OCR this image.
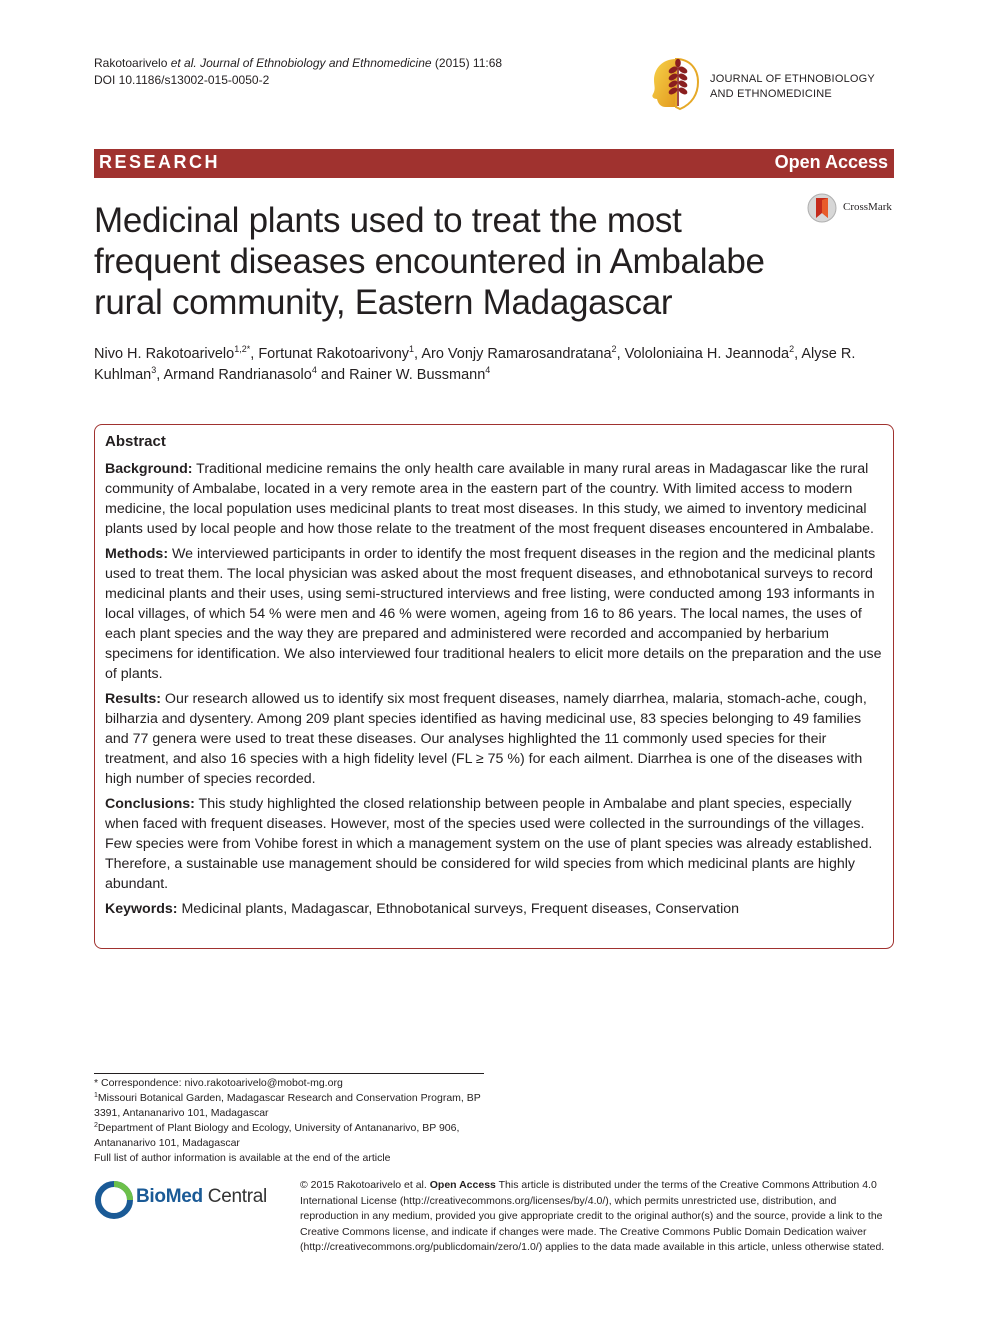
Rakotoarivelo et al. Journal of Ethnobiology and Ethnomedicine (2015) 11:68
DOI 10.1186/s13002-015-0050-2	JOURNAL OF ETHNOBIOLOGY
AND ETHNOMEDICINE
RESEARCH	Open Access
CrossMark
Medicinal plants used to treat the most frequent diseases encountered in Ambalabe rural community, Eastern Madagascar
Nivo H. Rakotoarivelo$^{1,2*}$, Fortunat Rakotoarivony$^1$, Aro Vonjy Ramarosandratana$^2$, Vololoniaina H. Jeannoda$^2$, Alyse R. Kuhlman$^3$, Armand Randrianasolo$^4$ and Rainer W. Bussmann$^4$
Abstract

Background: Traditional medicine remains the only health care available in many rural areas in Madagascar like the rural community of Ambalabe, located in a very remote area in the eastern part of the country. With limited access to modern medicine, the local population uses medicinal plants to treat most diseases. In this study, we aimed to inventory medicinal plants used by local people and how those relate to the treatment of the most frequent diseases encountered in Ambalabe.

Methods: We interviewed participants in order to identify the most frequent diseases in the region and the medicinal plants used to treat them. The local physician was asked about the most frequent diseases, and ethnobotanical surveys to record medicinal plants and their uses, using semi-structured interviews and free listing, were conducted among 193 informants in local villages, of which 54 % were men and 46 % were women, ageing from 16 to 86 years. The local names, the uses of each plant species and the way they are prepared and administered were recorded and accompanied by herbarium specimens for identification. We also interviewed four traditional healers to elicit more details on the preparation and the use of plants.

Results: Our research allowed us to identify six most frequent diseases, namely diarrhea, malaria, stomach-ache, cough, bilharzia and dysentery. Among 209 plant species identified as having medicinal use, 83 species belonging to 49 families and 77 genera were used to treat these diseases. Our analyses highlighted the 11 commonly used species for their treatment, and also 16 species with a high fidelity level (FL ≥ 75 %) for each ailment. Diarrhea is one of the diseases with high number of species recorded.

Conclusions: This study highlighted the closed relationship between people in Ambalabe and plant species, especially when faced with frequent diseases. However, most of the species used were collected in the surroundings of the villages. Few species were from Vohibe forest in which a management system on the use of plant species was already established. Therefore, a sustainable use management should be considered for wild species from which medicinal plants are highly abundant.

Keywords: Medicinal plants, Madagascar, Ethnobotanical surveys, Frequent diseases, Conservation

* Correspondence: nivo.rakotoarivelo@mobot-mg.org
$^1$Missouri Botanical Garden, Madagascar Research and Conservation Program, BP 3391, Antananarivo 101, Madagascar
$^2$Department of Plant Biology and Ecology, University of Antananarivo, BP 906, Antananarivo 101, Madagascar
Full list of author information is available at the end of the article
BioMed Central
© 2015 Rakotoarivelo et al. Open Access This article is distributed under the terms of the Creative Commons Attribution 4.0 International License (http://creativecommons.org/licenses/by/4.0/), which permits unrestricted use, distribution, and reproduction in any medium, provided you give appropriate credit to the original author(s) and the source, provide a link to the Creative Commons license, and indicate if changes were made. The Creative Commons Public Domain Dedication waiver (http://creativecommons.org/publicdomain/zero/1.0/) applies to the data made available in this article, unless otherwise stated.
